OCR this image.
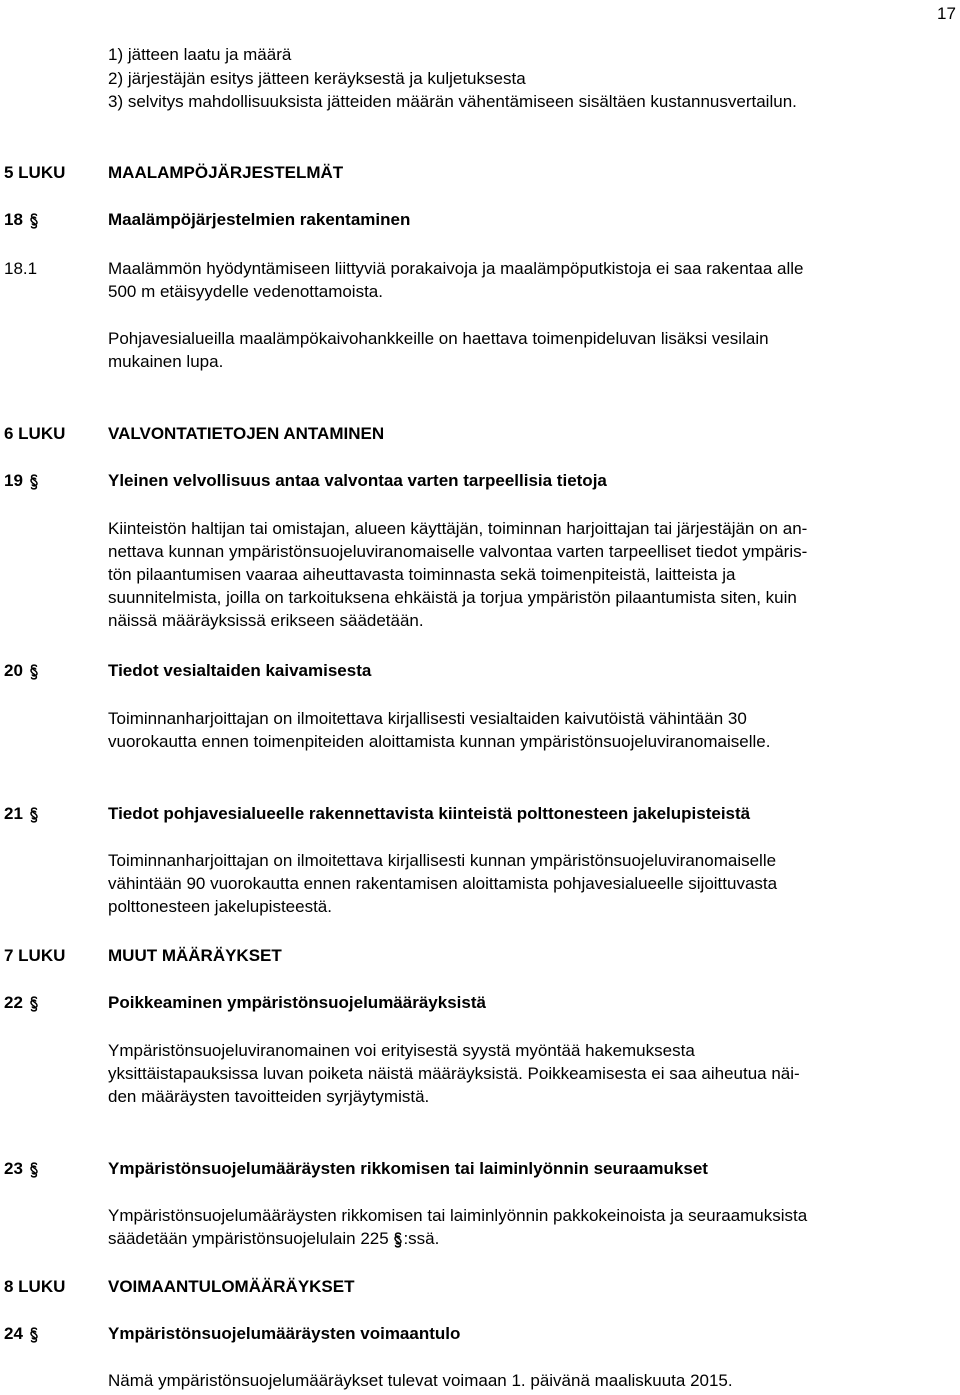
17
1) jätteen laatu ja määrä
2) järjestäjän esitys jätteen keräyksestä ja kuljetuksesta
3) selvitys mahdollisuuksista jätteiden määrän vähentämiseen sisältäen kustannusvertailun.
5 LUKU	MAALAMPÖJÄRJESTELMÄT
18	Maalämpöjärjestelmien rakentaminen
18.1	Maalämmön hyödyntämiseen liittyviä porakaivoja ja maalämpöputkistoja ei saa rakentaa alle
500 m etäisyydelle vedenottamoista.
Pohjavesialueilla maalämpökaivohankkeille on haettava toimenpideluvan lisäksi vesilain
mukainen lupa.
6 LUKU	VALVONTATIETOJEN ANTAMINEN
19	Yleinen velvollisuus antaa valvontaa varten tarpeellisia tietoja
Kiinteistön haltijan tai omistajan, alueen käyttäjän, toiminnan harjoittajan tai järjestäjän on an-
nettava kunnan ympäristönsuojeluviranomaiselle valvontaa varten tarpeelliset tiedot ympäris-
tön pilaantumisen vaaraa aiheuttavasta toiminnasta sekä toimenpiteistä, laitteista ja
suunnitelmista, joilla on tarkoituksena ehkäistä ja torjua ympäristön pilaantumista siten, kuin
näissä määräyksissä erikseen säädetään.
20	Tiedot vesialtaiden kaivamisesta
Toiminnanharjoittajan on ilmoitettava kirjallisesti vesialtaiden kaivutöistä vähintään 30
vuorokautta ennen toimenpiteiden aloittamista kunnan ympäristönsuojeluviranomaiselle.
21	Tiedot pohjavesialueelle rakennettavista kiinteistä polttonesteen jakelupisteistä
Toiminnanharjoittajan on ilmoitettava kirjallisesti kunnan ympäristönsuojeluviranomaiselle
vähintään 90 vuorokautta ennen rakentamisen aloittamista pohjavesialueelle sijoittuvasta
polttonesteen jakelupisteestä.
7 LUKU	MUUT MÄÄRÄYKSET
22	Poikkeaminen ympäristönsuojelumääräyksistä
Ympäristönsuojeluviranomainen voi erityisestä syystä myöntää hakemuksesta
yksittäistapauksissa luvan poiketa näistä määräyksistä. Poikkeamisesta ei saa aiheutua näi-
den määräysten tavoitteiden syrjäytymistä.
23	Ympäristönsuojelumääräysten rikkomisen tai laiminlyönnin seuraamukset
Ympäristönsuojelumääräysten rikkomisen tai laiminlyönnin pakkokeinoista ja seuraamuksista
säädetään ympäristönsuojelulain 225 :ssä.
8 LUKU	VOIMAANTULOMÄÄRÄYKSET
24	Ympäristönsuojelumääräysten voimaantulo
Nämä ympäristönsuojelumääräykset tulevat voimaan 1. päivänä maaliskuuta 2015.
